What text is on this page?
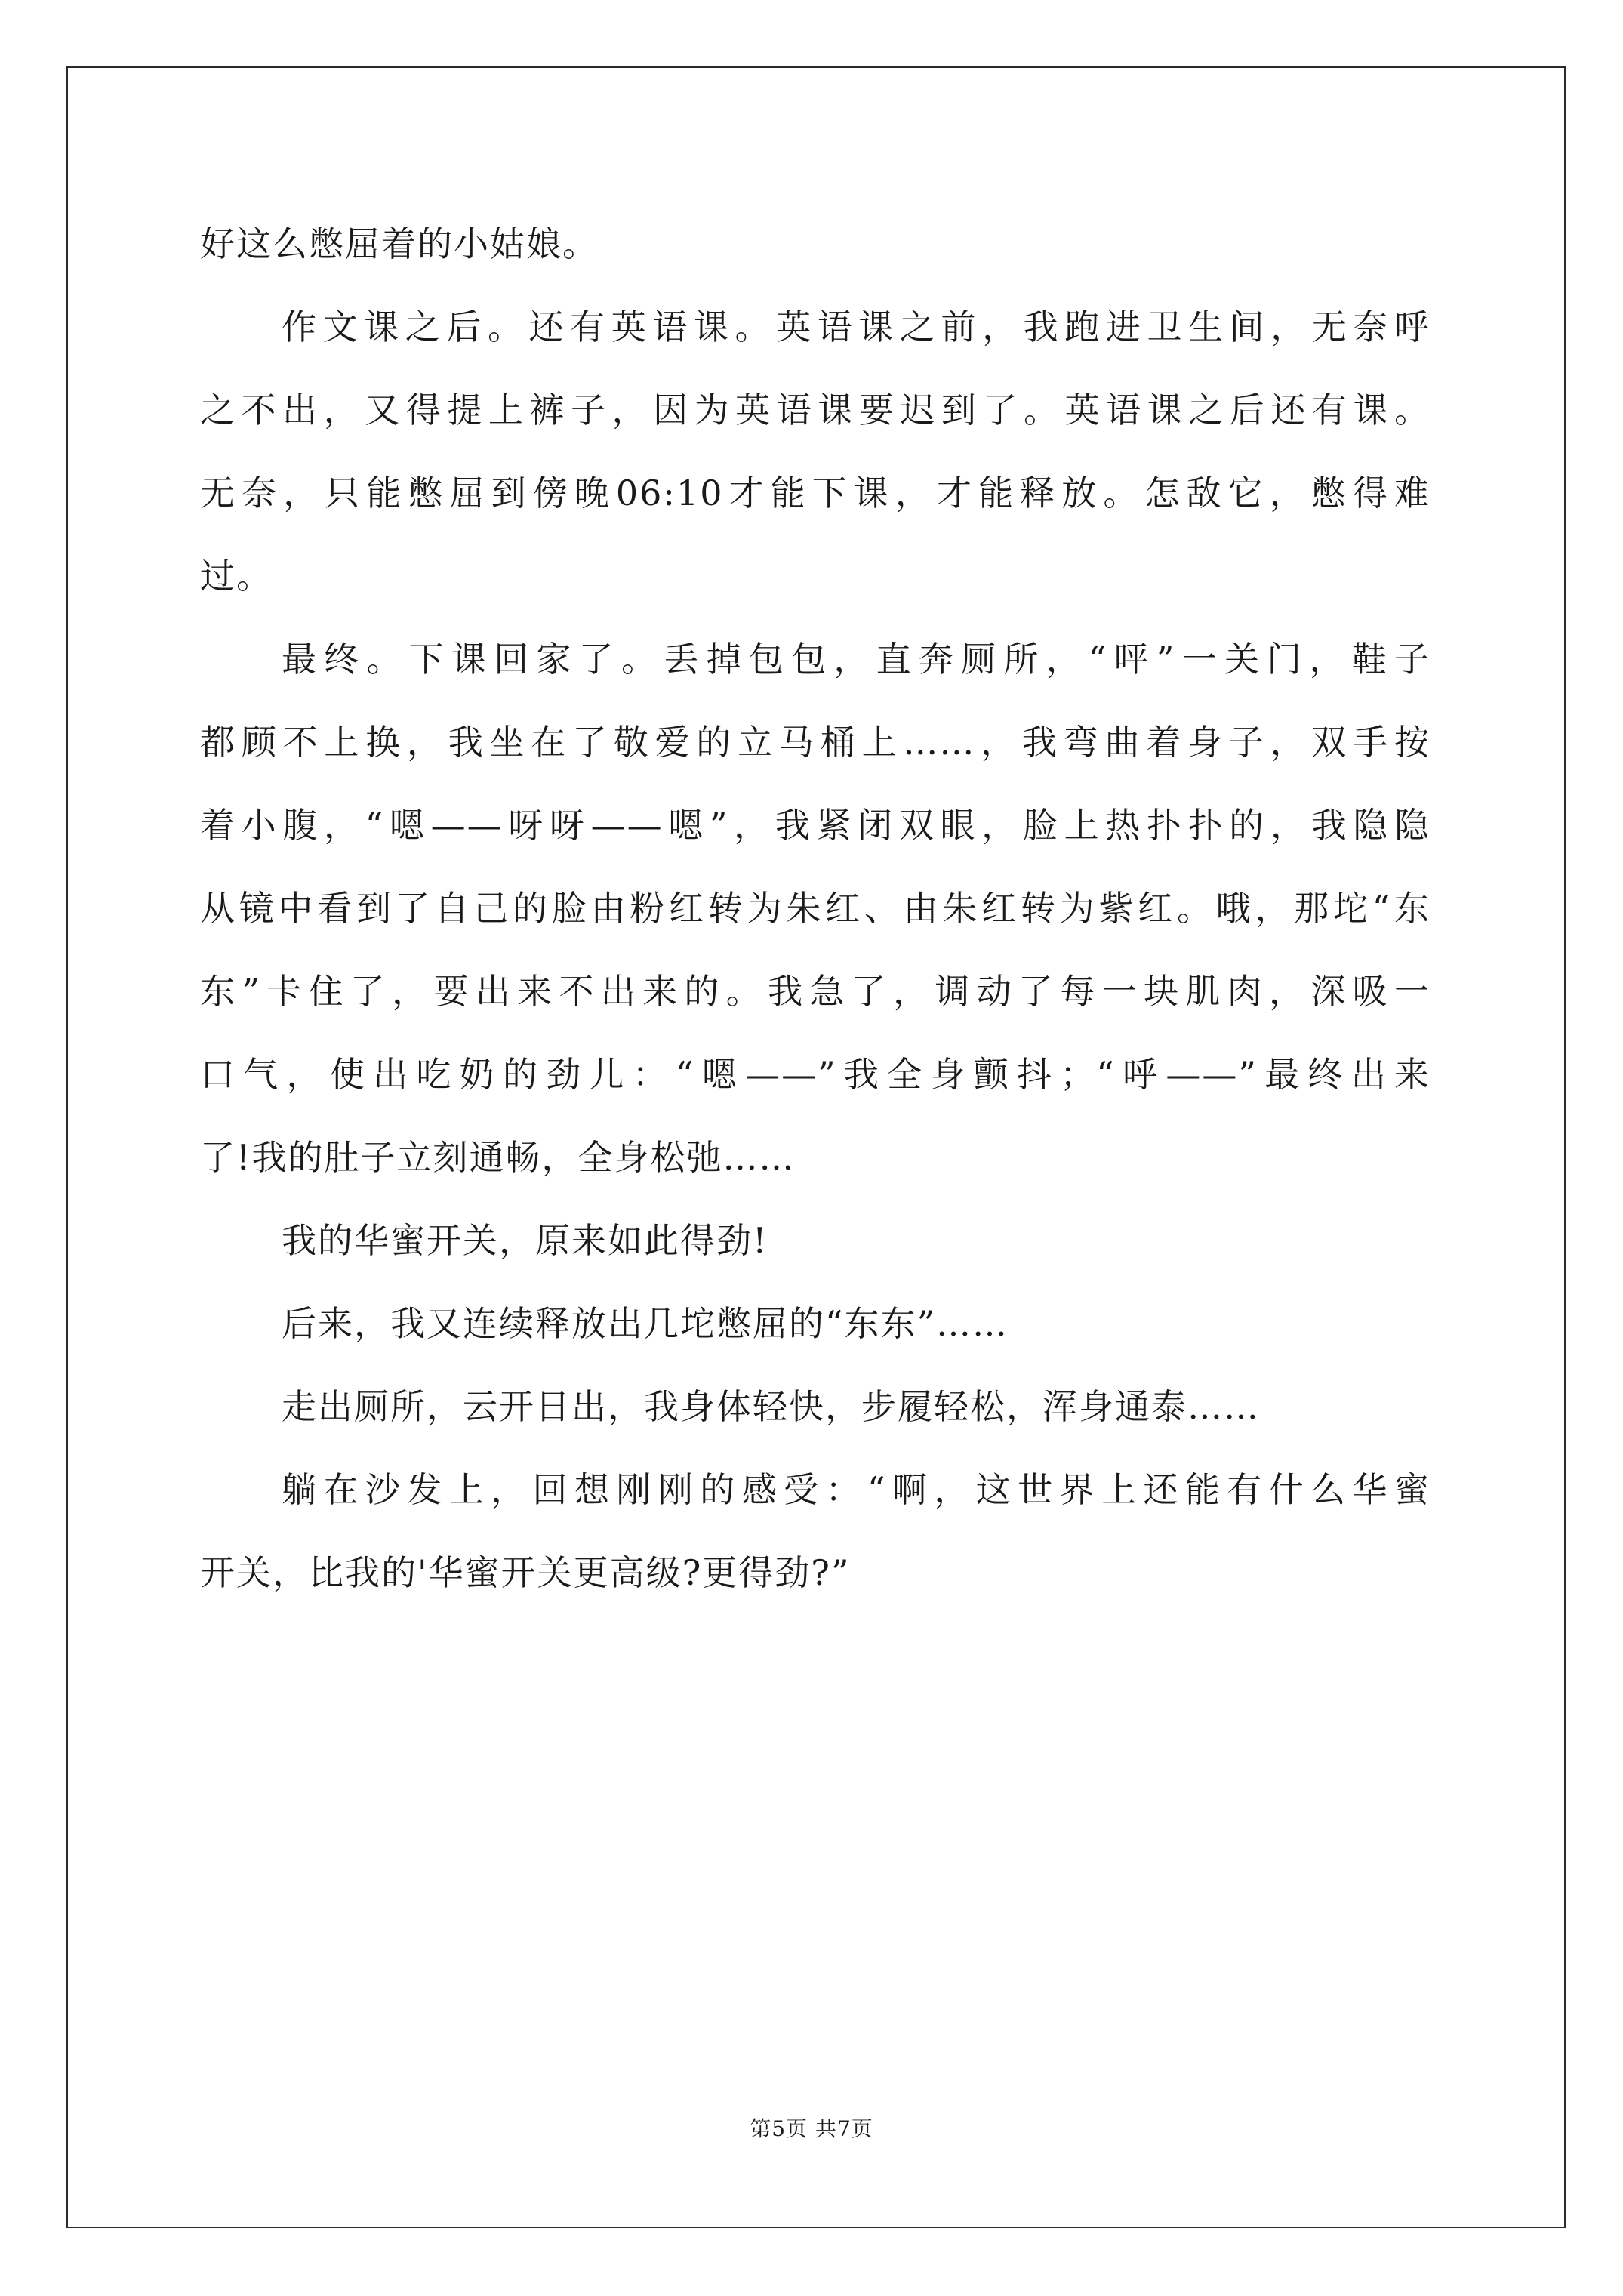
好这么憋屈着的小姑娘。
作文课之后。还有英语课。英语课之前，我跑进卫生间，无奈呼
之不出，又得提上裤子，因为英语课要迟到了。英语课之后还有课。
无奈，只能憋屈到傍晚06:10才能下课，才能释放。怎敌它，憋得难
过。
最终。下课回家了。丢掉包包，直奔厕所，“呯”一关门，鞋子
都顾不上换，我坐在了敬爱的立马桶上……，我弯曲着身子，双手按
着小腹，“嗯——呀呀——嗯”，我紧闭双眼，脸上热扑扑的，我隐隐
从镜中看到了自己的脸由粉红转为朱红、由朱红转为紫红。哦，那坨“东
东”卡住了，要出来不出来的。我急了，调动了每一块肌肉，深吸一
口气，使出吃奶的劲儿：“嗯——”我全身颤抖；“呼——”最终出来
了!我的肚子立刻通畅，全身松弛……
我的华蜜开关，原来如此得劲!
后来，我又连续释放出几坨憋屈的“东东”……
走出厕所，云开日出，我身体轻快，步履轻松，浑身通泰……
躺在沙发上，回想刚刚的感受：“啊，这世界上还能有什么华蜜
开关，比我的'华蜜开关更高级?更得劲?”
第5页 共7页
